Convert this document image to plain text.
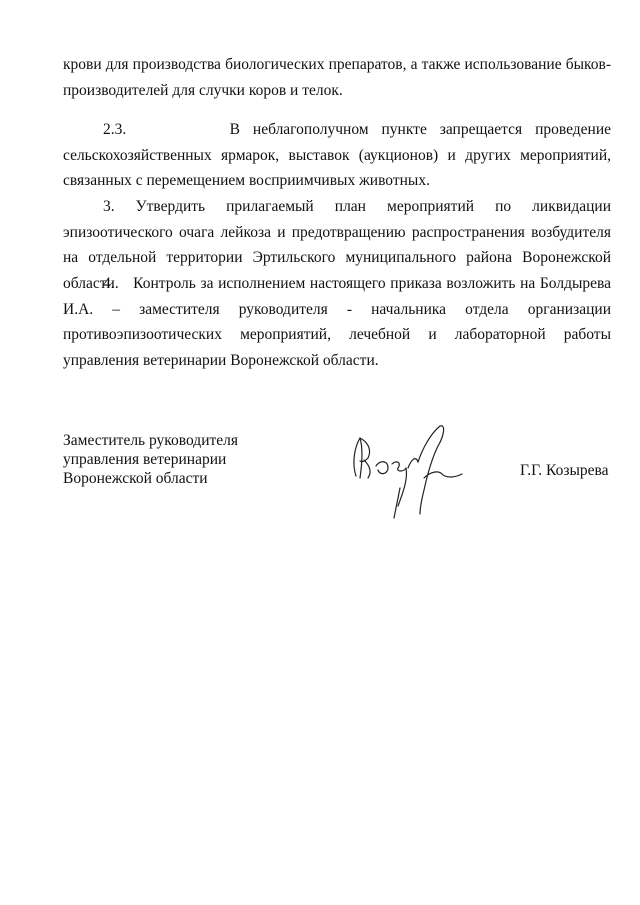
крови для производства биологических препаратов, а также использование быков-производителей для случки коров и телок.

2.3.        В неблагополучном пункте запрещается проведение сельскохозяйственных ярмарок, выставок (аукционов) и других мероприятий, связанных с перемещением восприимчивых животных.

3. Утвердить прилагаемый план мероприятий по ликвидации эпизоотического очага лейкоза и предотвращению распространения возбудителя на отдельной территории Эртильского муниципального района Воронежской области.

4.    Контроль за исполнением настоящего приказа возложить на Болдырева И.А. – заместителя руководителя - начальника отдела организации противоэпизоотических мероприятий, лечебной и лабораторной работы управления ветеринарии Воронежской области.

Заместитель руководителя
управления ветеринарии
Воронежской области	Г.Г. Козырева
